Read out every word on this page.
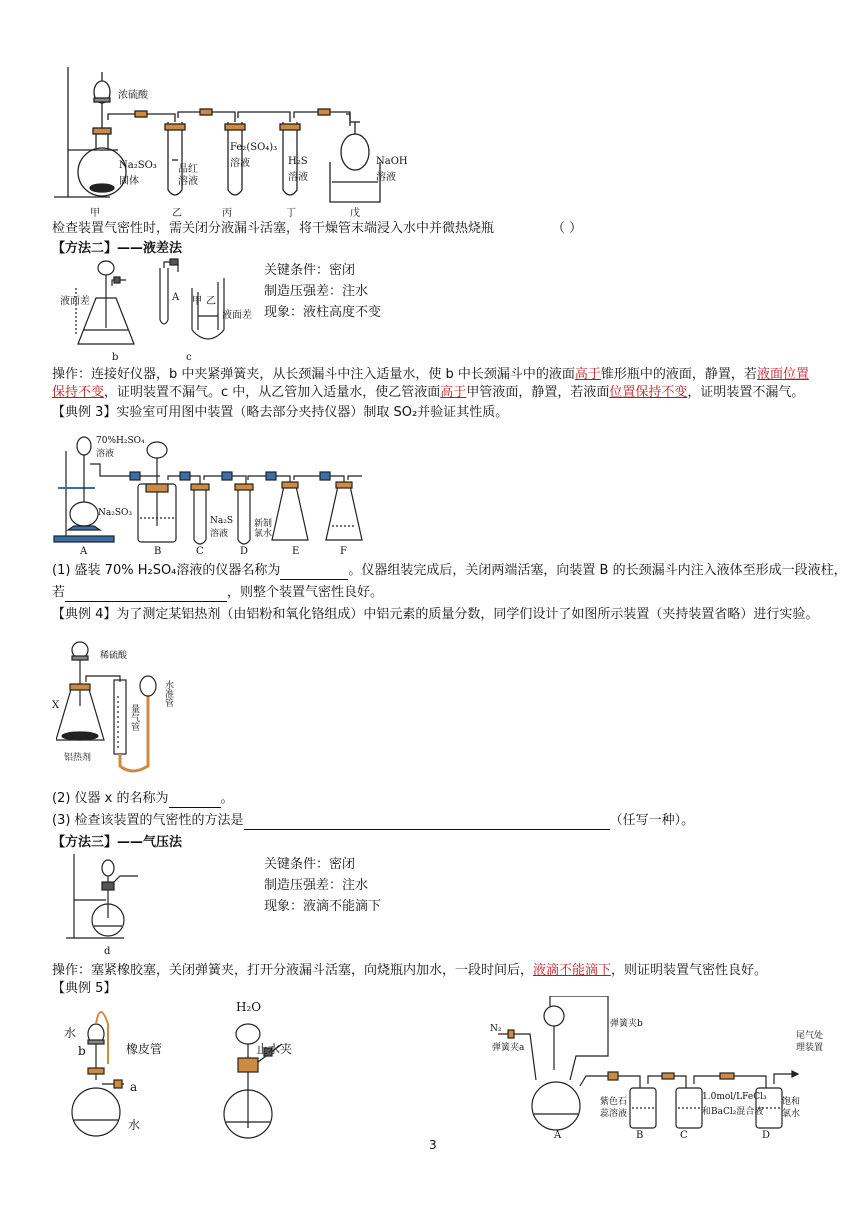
浓硫酸
Na₂SO₃
固体
品红
溶液
Fe₂(SO₄)₃
溶液	H₂S
溶液
NaOH
溶液
甲	乙	丙	丁	戊
检查装置气密性时，需关闭分液漏斗活塞，将干燥管末端浸入水中并微热烧瓶	（ ）
【方法二】——液差法
液面差	A 甲 乙
液面差
b	c
关键条件：密闭
制造压强差：注水
现象：液柱高度不变
操作：连接好仪器，b 中夹紧弹簧夹，从长颈漏斗中注入适量水，使 b 中长颈漏斗中的液面高于锥形瓶中的液面，静置，若液面位置
保持不变，证明装置不漏气。c 中，从乙管加入适量水，使乙管液面高于甲管液面，静置，若液面位置保持不变，证明装置不漏气。
【典例 3】实验室可用图中装置（略去部分夹持仪器）制取 SO₂并验证其性质。
70%H₂SO₄
溶液
Na₂SO₃
Na₂S
溶液
新制
氯水
A	B	C	D	E	F
(1) 盛装 70% H₂SO₄溶液的仪器名称为	。仪器组装完成后，关闭两端活塞，向装置 B 的长颈漏斗内注入液体至形成一段液柱，
若	，则整个装置气密性良好。
【典例 4】为了测定某铝热剂（由铝粉和氧化铬组成）中铝元素的质量分数，同学们设计了如图所示装置（夹持装置省略）进行实验。
稀硫酸
X
铝热剂
量气管
水准管
(2) 仪器 x 的名称为	。
(3) 检查该装置的气密性的方法是	（任写一种）。
【方法三】——气压法
d
关键条件：密闭
制造压强差：注水
现象：液滴不能滴下
操作：塞紧橡胶塞，关闭弹簧夹，打开分液漏斗活塞，向烧瓶内加水，一段时间后，液滴不能滴下，则证明装置气密性良好。
【典例 5】
水
b	橡皮管
a
水
H₂O
止水夹
N₂
弹簧夹a
弹簧夹b
尾气处
理装置
紫色石
蕊溶液
1.0mol/LFeCl₃
和BaCl₂混合液
饱和
氯水
A	B	C	D
3
